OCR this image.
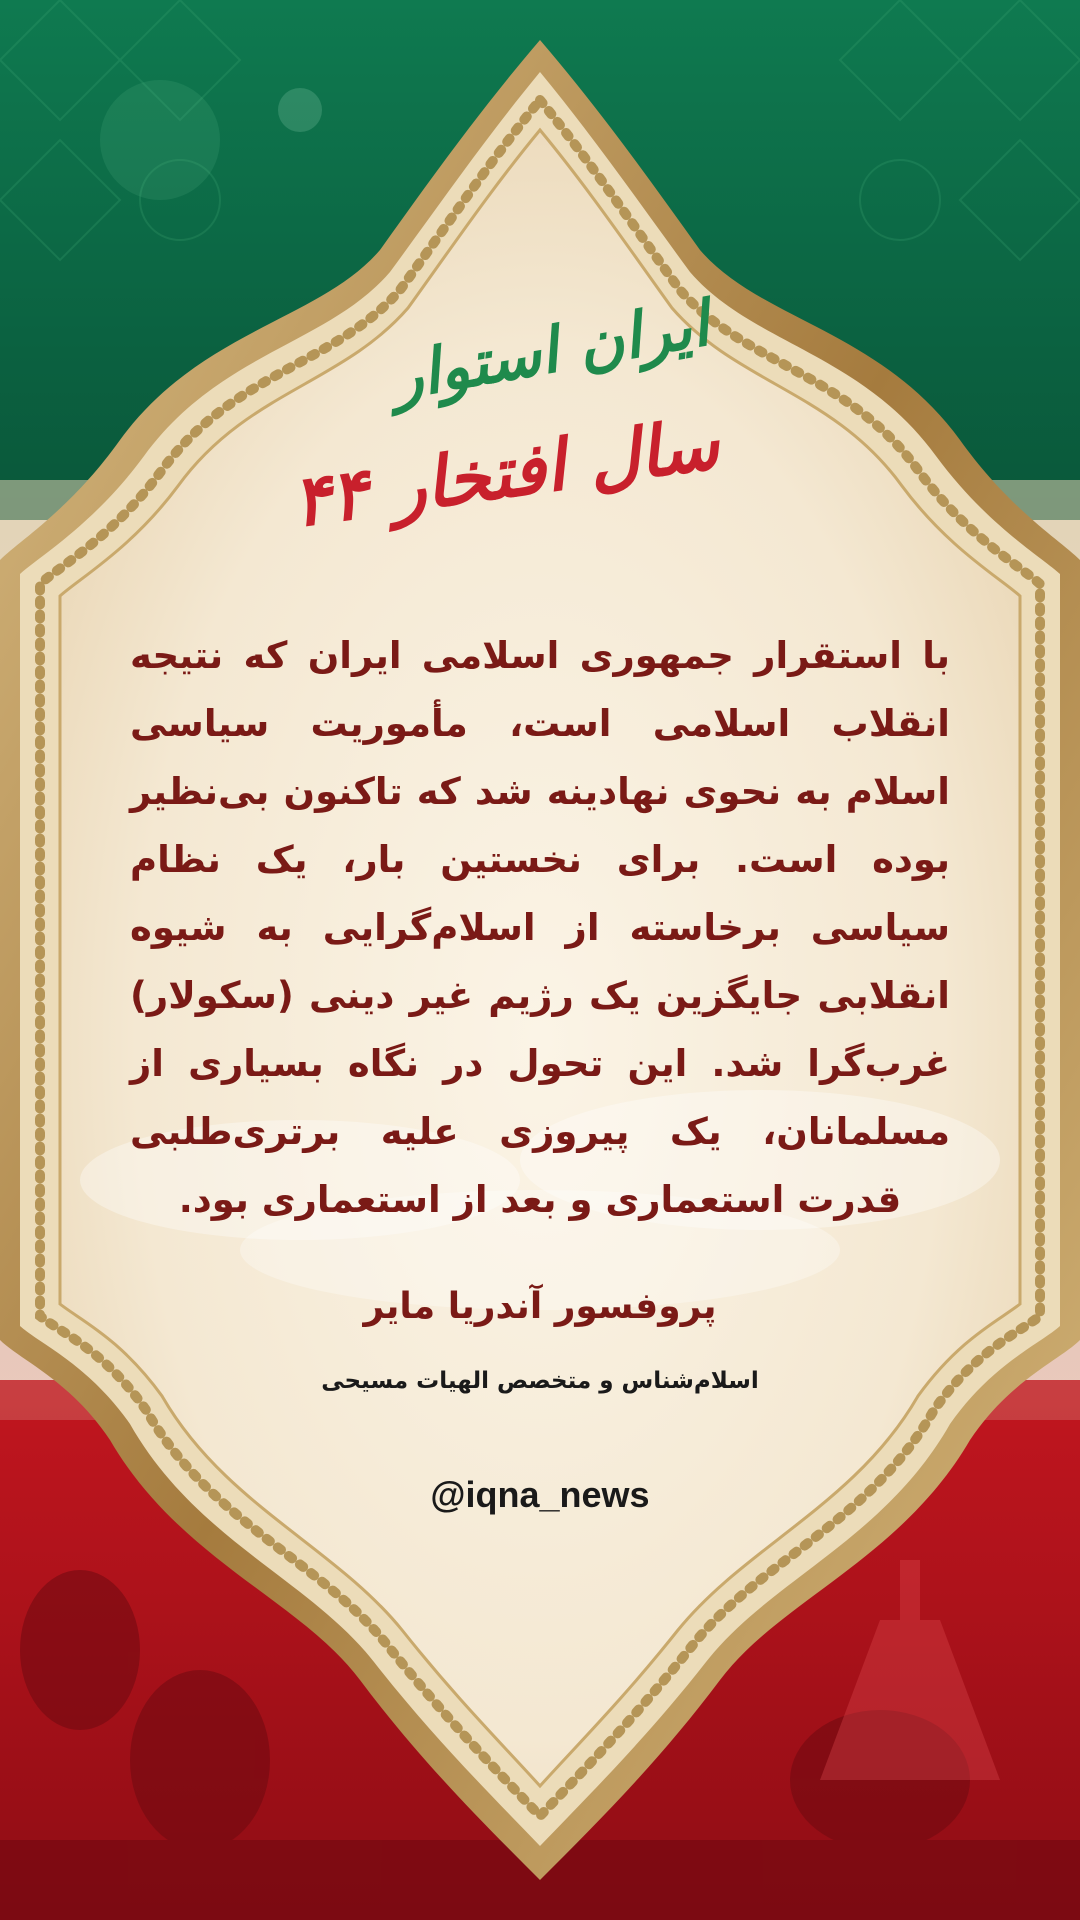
ایران استوار
۴۴ سال افتخار
با استقرار جمهوری اسلامی ایران که نتیجه انقلاب اسلامی است، مأموریت سیاسی اسلام به نحوی نهادینه شد که تاکنون بی‌نظیر بوده است. برای نخستین بار، یک نظام سیاسی برخاسته از اسلام‌گرایی به شیوه انقلابی جایگزین یک رژیم غیر دینی (سکولار) غرب‌گرا شد. این تحول در نگاه بسیاری از مسلمانان، یک پیروزی علیه برتری‌طلبی قدرت استعماری و بعد از استعماری بود.
پروفسور آندریا مایر
اسلام‌شناس و متخصص الهیات مسیحی
@iqna_news
